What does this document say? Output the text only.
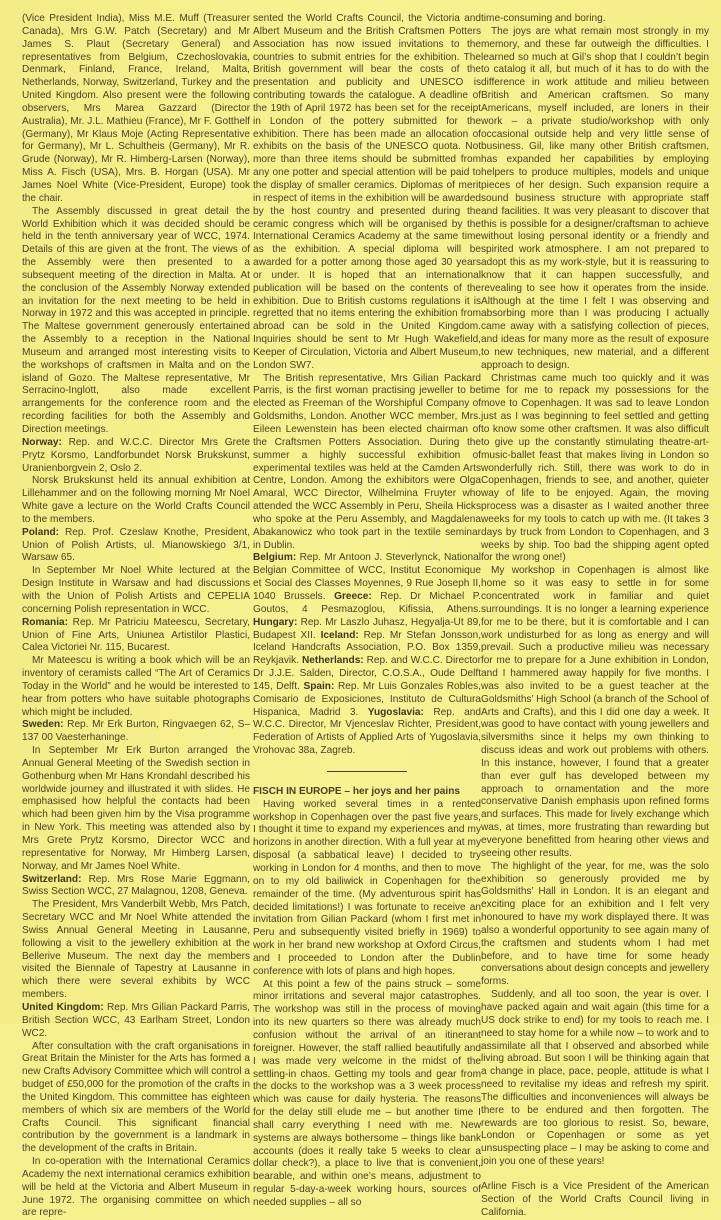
(Vice President India), Miss M.E. Muff (Treasurer Canada), Mrs G.W. Patch (Secretary) and Mr James S. Plaut (Secretary General) and representatives from Belgium, Czechoslovakia, Denmark, Finland, France, Ireland, Malta, Netherlands, Norway, Switzerland, Turkey and the United Kingdom. Also present were the following observers, Mrs Marea Gazzard (Director Australia), Mr. J.L. Mathieu (France), Mr F. Gotthelf (Germany), Mr Klaus Moje (Acting Representative for Germany), Mr L. Schultheis (Germany), Mr R. Grude (Norway), Mr R. Himberg-Larsen (Norway), Miss A. Fisch (USA), Mrs. B. Horgan (USA). Mr James Noel White (Vice-President, Europe) took the chair.

The Assembly discussed in great detail the World Exhibition which it was decided should be held in the tenth anniversary year of WCC, 1974. Details of this are given at the front. The views of the Assembly were then presented to a subsequent meeting of the direction in Malta. At the conclusion of the Assembly Norway extended an invitation for the next meeting to be held in Norway in 1972 and this was accepted in principle. The Maltese government generously entertained the Assembly to a reception in the National Museum and arranged most interesting visits to the workshops of craftsmen in Malta and on the island of Gozo. The Maltese representative, Mr Serracino-Inglott, also made excellent arrangements for the conference room and the recording facilities for both the Assembly and Direction meetings.

Norway: Rep. and W.C.C. Director Mrs Grete Prytz Korsmo, Landforbundet Norsk Brukskunst, Uranienborgvein 2, Oslo 2.

Norsk Brukskunst held its annual exhibition at Lillehammer and on the following morning Mr Noel White gave a lecture on the World Crafts Council to the members.

Poland: Rep. Prof. Czeslaw Knothe, President, Union of Polish Artists, ul. Mianowskiego 3/1, Warsaw 65.

In September Mr Noel White lectured at the Design Institute in Warsaw and had discussions with the Union of Polish Artists and CEPELIA concerning Polish representation in WCC.

Romania: Rep. Mr Patriciu Mateescu, Secretary, Union of Fine Arts, Uniunea Artistilor Plastici, Calea Victoriei Nr. 115, Bucarest.

Mr Mateescu is writing a book which will be an inventory of ceramists called “The Art of Ceramics Today in the World” and he would be interested to hear from potters who have suitable photographs which might be included.

Sweden: Rep. Mr Erk Burton, Ringvaegen 62, S–137 00 Vaesterhaninge.

In September Mr Erk Burton arranged the Annual General Meeting of the Swedish section in Gothenburg when Mr Hans Krondahl described his worldwide journey and illustrated it with slides. He emphasised how helpful the contacts had been which had been given him by the Visa programme in New York. This meeting was attended also by Mrs Grete Prytz Korsmo, Director WCC and representative for Norway, Mr Himberg Larsen, Norway, and Mr James Noel White.

Switzerland: Rep. Mrs Rose Marie Eggmann, Swiss Section WCC, 27 Malagnou, 1208, Geneva.

The President, Mrs Vanderbilt Webb, Mrs Patch, Secretary WCC and Mr Noel White attended the Swiss Annual General Meeting in Lausanne, following a visit to the jewellery exhibition at the Bellerive Museum. The next day the members visited the Biennale of Tapestry at Lausanne in which there were several exhibits by WCC members.

United Kingdom: Rep. Mrs Gilian Packard Parris, British Section WCC, 43 Earlham Street, London WC2.

After consultation with the craft organisations in Great Britain the Minister for the Arts has formed a new Crafts Advisory Committee which will control a budget of £50,000 for the promotion of the crafts in the United Kingdom. This committee has eighteen members of which six are members of the World Crafts Council. This significant financial contribution by the government is a landmark in the development of the crafts in Britain.

In co-operation with the International Ceramics Academy the next international ceramics exhibition will be held at the Victoria and Albert Museum in June 1972. The organising committee on which are repre-

sented the World Crafts Council, the Victoria and Albert Museum and the British Craftsmen Potters Association has now issued invitations to the countries to submit entries for the exhibition. The British government will bear the costs of the presentation and publicity and UNESCO is contributing towards the catalogue. A deadline of the 19th of April 1972 has been set for the receipt in London of the pottery submitted for the exhibition. There has been made an allocation of exhibits on the basis of the UNESCO quota. Not more than three items should be submitted from any one potter and special attention will be paid to the display of smaller ceramics. Diplomas of merit in respect of items in the exhibition will be awarded by the host country and presented during the ceramic congress which will be organised by the International Ceramics Academy at the same time as the exhibition. A special diploma will be awarded for a potter among those aged 30 years or under. It is hoped that an international publication will be based on the contents of the exhibition. Due to British customs regulations it is regretted that no items entering the exhibition from abroad can be sold in the United Kingdom. Inquiries should be sent to Mr Hugh Wakefield, Keeper of Circulation, Victoria and Albert Museum, London SW7.

The British representative, Mrs Gilian Packard Parris, is the first woman practising jeweller to be elected as Freeman of the Worshipful Company of Goldsmiths, London. Another WCC member, Mrs. Eileen Lewenstein has been elected chairman of the Craftsmen Potters Association. During the summer a highly successful exhibition of experimental textiles was held at the Camden Arts Centre, London. Among the exhibitors were Olga Amaral, WCC Director, Wilhelmina Fruyter who attended the WCC Assembly in Peru, Sheila Hicks who spoke at the Peru Assembly, and Magdalena Abakanowicz who took part in the textile seminar in Dublin.

Belgium: Rep. Mr Antoon J. Steverlynck, National Belgian Committee of WCC, Institut Economique et Social des Classes Moyennes, 9 Rue Joseph II, 1040 Brussels. Greece: Rep. Dr Michael P. Goutos, 4 Pesmazoglou, Kifissia, Athens. Hungary: Rep. Mr Laszlo Juhasz, Hegyalja-Ut 89, Budapest XII. Iceland: Rep. Mr Stefan Jonsson, Iceland Handcrafts Association, P.O. Box 1359, Reykjavik. Netherlands: Rep. and W.C.C. Director Dr J.J.E. Salden, Director, C.O.S.A., Oude Delft 145, Delft. Spain: Rep. Mr Luis Gonzales Robles, Comisario de Exposiciones, Instituto de Cultura Hispanica, Madrid 3. Yugoslavia: Rep. and W.C.C. Director, Mr Vjenceslav Richter, President, Federation of Artists of Applied Arts of Yugoslavia, Vrohovac 38a, Zagreb.

FISCH IN EUROPE – her joys and her pains

Having worked several times in a rented workshop in Copenhagen over the past five years, I thought it time to expand my experiences and my horizons in another direction. With a full year at my disposal (a sabbatical leave) I decided to try working in London for 4 months, and then to move on to my old bailiwick in Copenhagen for the remainder of the time. (My adventurous spirit has decided limitations!) I was fortunate to receive an invitation from Gilian Packard (whom I first met in Peru and subsequently visited briefly in 1969) to work in her brand new workshop at Oxford Circus, and I proceeded to London after the Dublin conference with lots of plans and high hopes.

At this point a few of the pains struck – some minor irritations and several major catastrophes. The workshop was still in the process of moving into its new quarters so there was already much confusion without the arrival of an itinerant foreigner. However, the staff rallied beautifully and I was made very welcome in the midst of the settling-in chaos. Getting my tools and gear from the docks to the workshop was a 3 week process which was cause for daily hysteria. The reasons for the delay still elude me – but another time I shall carry everything I need with me. New systems are always bothersome – things like bank accounts (does it really take 5 weeks to clear a dollar check?), a place to live that is convenient, bearable, and within one’s means, adjustment to regular 5-day-a-week working hours, sources of needed supplies – all so

time-consuming and boring.

The joys are what remain most strongly in my memory, and these far outweigh the difficulties. I learned so much at Gil’s shop that I couldn’t begin to catalog it all, but much of it has to do with the difference in work attitude and milieu between British and American craftsmen. So many Americans, myself included, are loners in their work – a private studio/workshop with only occasional outside help and very little sense of business. Gil, like many other British craftsmen, has expanded her capabilities by employing helpers to produce multiples, models and unique pieces of her design. Such expansion require a sound business structure with appropriate staff and facilities. It was very pleasant to discover that this is possible for a designer/craftsman to achieve without losing personal identity or a friendly and spirited work atmosphere. I am not prepared to adopt this as my work-style, but it is reassuring to know that it can happen successfully, and revealing to see how it operates from the inside. Although at the time I felt I was observing and absorbing more than I was producing I actually came away with a satisfying collection of pieces, and ideas for many more as the result of exposure to new techniques, new material, and a different approach to design.

Christmas came much too quickly and it was time for me to repack my possessions for the move to Copenhagen. It was sad to leave London just as I was beginning to feel settled and getting to know some other craftsmen. It was also difficult to give up the constantly stimulating theatre-art-music-ballet feast that makes living in London so wonderfully rich. Still, there was work to do in Copenhagen, friends to see, and another, quieter way of life to be enjoyed. Again, the moving process was a disaster as I waited another three weeks for my tools to catch up with me. (It takes 3 days by truck from London to Copenhagen, and 3 weeks by ship. Too bad the shipping agent opted for the wrong one!)

My workshop in Copenhagen is almost like home so it was easy to settle in for some concentrated work in familiar and quiet surroundings. It is no longer a learning experience for me to be there, but it is comfortable and I can work undisturbed for as long as energy and will prevail. Such a productive milieu was necessary for me to prepare for a June exhibition in London, and I hammered away happily for five months. I was also invited to be a guest teacher at the Goldsmiths’ High School (a branch of the School of Arts and Crafts), and this I did one day a week. It was good to have contact with young jewellers and silversmiths since it helps my own thinking to discuss ideas and work out problems with others. In this instance, however, I found that a greater than ever gulf has developed between my approach to ornamentation and the more conservative Danish emphasis upon refined forms and surfaces. This made for lively exchange which was, at times, more frustrating than rewarding but everyone benefitted from hearing other views and seeing other results.

The highlight of the year, for me, was the solo exhibition so generously provided me by Goldsmiths’ Hall in London. It is an elegant and exciting place for an exhibition and I felt very honoured to have my work displayed there. It was also a wonderful opportunity to see again many of the craftsmen and students whom I had met before, and to have time for some heady conversations about design concepts and jewellery forms.

Suddenly, and all too soon, the year is over. I have packed again and wait again (this time for a US dock strike to end) for my tools to reach me. I need to stay home for a while now – to work and to assimilate all that I observed and absorbed while living abroad. But soon I will be thinking again that a change in place, pace, people, attitude is what I need to revitalise my ideas and refresh my spirit. The difficulties and inconveniences will always be there to be endured and then forgotten. The rewards are too glorious to resist. So, beware, London or Copenhagen or some as yet unsuspecting place – I may be asking to come and join you one of these years!

Arline Fisch is a Vice President of the American Section of the World Crafts Council living in California.
